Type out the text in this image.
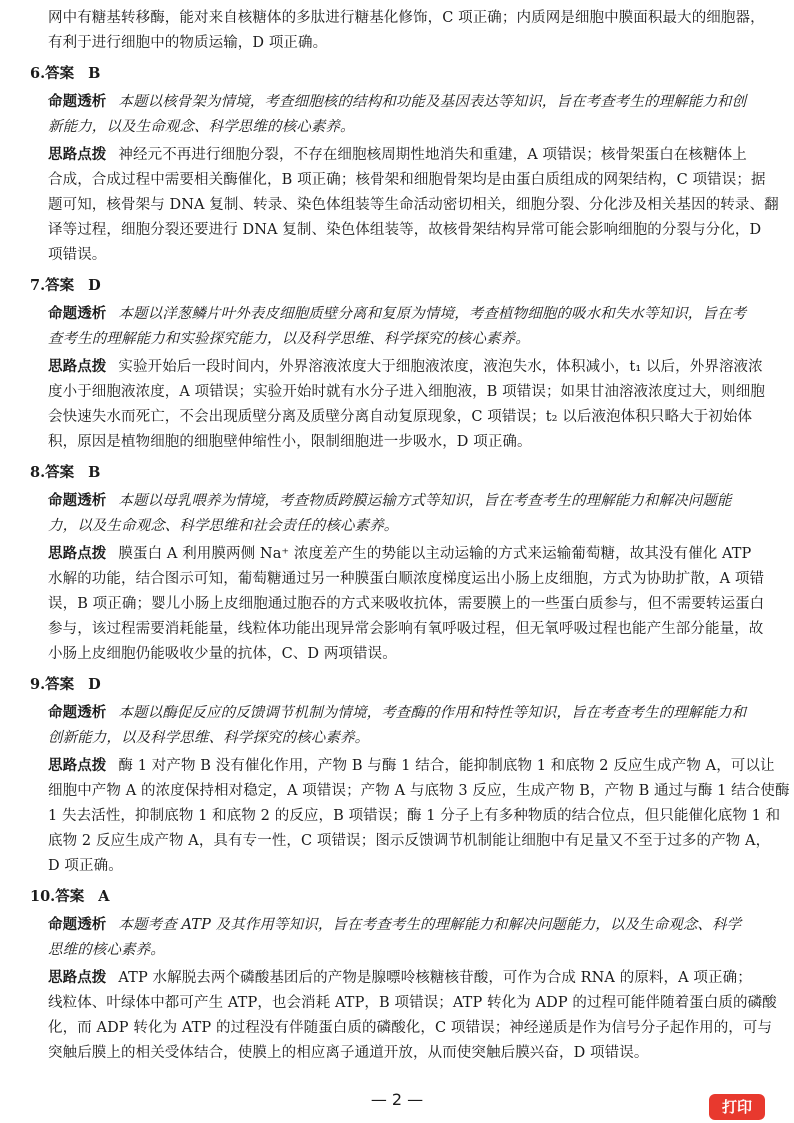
网中有糖基转移酶，能对来自核糖体的多肽进行糖基化修饰，C 项正确；内质网是细胞中膜面积最大的细胞器，
有利于进行细胞中的物质运输，D 项正确。
6.答案 B
命题透析 本题以核骨架为情境，考查细胞核的结构和功能及基因表达等知识，旨在考查考生的理解能力和创
新能力，以及生命观念、科学思维的核心素养。
思路点拨 神经元不再进行细胞分裂，不存在细胞核周期性地消失和重建，A 项错误；核骨架蛋白在核糖体上
合成，合成过程中需要相关酶催化，B 项正确；核骨架和细胞骨架均是由蛋白质组成的网架结构，C 项错误；据
题可知，核骨架与 DNA 复制、转录、染色体组装等生命活动密切相关，细胞分裂、分化涉及相关基因的转录、翻
译等过程，细胞分裂还要进行 DNA 复制、染色体组装等，故核骨架结构异常可能会影响细胞的分裂与分化，D
项错误。
7.答案 D
命题透析 本题以洋葱鳞片叶外表皮细胞质壁分离和复原为情境，考查植物细胞的吸水和失水等知识，旨在考
查考生的理解能力和实验探究能力，以及科学思维、科学探究的核心素养。
思路点拨 实验开始后一段时间内，外界溶液浓度大于细胞液浓度，液泡失水，体积减小，t₁ 以后，外界溶液浓
度小于细胞液浓度，A 项错误；实验开始时就有水分子进入细胞液，B 项错误；如果甘油溶液浓度过大，则细胞
会快速失水而死亡，不会出现质壁分离及质壁分离自动复原现象，C 项错误；t₂ 以后液泡体积只略大于初始体
积，原因是植物细胞的细胞壁伸缩性小，限制细胞进一步吸水，D 项正确。
8.答案 B
命题透析 本题以母乳喂养为情境，考查物质跨膜运输方式等知识，旨在考查考生的理解能力和解决问题能
力，以及生命观念、科学思维和社会责任的核心素养。
思路点拨 膜蛋白 A 利用膜两侧 Na⁺ 浓度差产生的势能以主动运输的方式来运输葡萄糖，故其没有催化 ATP
水解的功能，结合图示可知，葡萄糖通过另一种膜蛋白顺浓度梯度运出小肠上皮细胞，方式为协助扩散，A 项错
误，B 项正确；婴儿小肠上皮细胞通过胞吞的方式来吸收抗体，需要膜上的一些蛋白质参与，但不需要转运蛋白
参与，该过程需要消耗能量，线粒体功能出现异常会影响有氧呼吸过程，但无氧呼吸过程也能产生部分能量，故
小肠上皮细胞仍能吸收少量的抗体，C、D 两项错误。
9.答案 D
命题透析 本题以酶促反应的反馈调节机制为情境，考查酶的作用和特性等知识，旨在考查考生的理解能力和
创新能力，以及科学思维、科学探究的核心素养。
思路点拨 酶 1 对产物 B 没有催化作用，产物 B 与酶 1 结合，能抑制底物 1 和底物 2 反应生成产物 A，可以让
细胞中产物 A 的浓度保持相对稳定，A 项错误；产物 A 与底物 3 反应，生成产物 B，产物 B 通过与酶 1 结合使酶
1 失去活性，抑制底物 1 和底物 2 的反应，B 项错误；酶 1 分子上有多种物质的结合位点，但只能催化底物 1 和
底物 2 反应生成产物 A，具有专一性，C 项错误；图示反馈调节机制能让细胞中有足量又不至于过多的产物 A，
D 项正确。
10.答案 A
命题透析 本题考查 ATP 及其作用等知识，旨在考查考生的理解能力和解决问题能力，以及生命观念、科学
思维的核心素养。
思路点拨 ATP 水解脱去两个磷酸基团后的产物是腺嘌呤核糖核苷酸，可作为合成 RNA 的原料，A 项正确；
线粒体、叶绿体中都可产生 ATP，也会消耗 ATP，B 项错误；ATP 转化为 ADP 的过程可能伴随着蛋白质的磷酸
化，而 ADP 转化为 ATP 的过程没有伴随蛋白质的磷酸化，C 项错误；神经递质是作为信号分子起作用的，可与
突触后膜上的相关受体结合，使膜上的相应离子通道开放，从而使突触后膜兴奋，D 项错误。
— 2 —	打印
